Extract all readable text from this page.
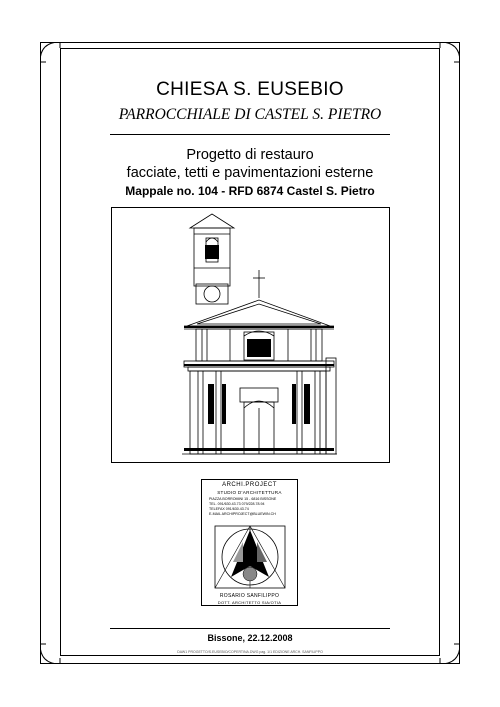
CHIESA S. EUSEBIO
PARROCCHIALE DI CASTEL S. PIETRO
Progetto di restauro
facciate, tetti e pavimentazioni esterne
Mappale no. 104 - RFD 6874 Castel S. Pietro
ARCHI.PROJECT
STUDIO D'ARCHITETTURA
PIAZZA BORROMINI 15 - 6816 BISSONE
TEL. 091/630.43.73 079/228.78.94
TELEFAX 091/630.43.74
E-MAIL ARCHIPROJECT@BLUEWIN.CH
ROSARIO SANFILIPPO
DOTT. ARCHITETTO SIA/OTIA
Bissone, 22.12.2008
DAW1 PROGETTO/S.EUSEBIO/COPERTINA.DWG pag. 1/1 EDIZIONE ARCH. SANFILIPPO
